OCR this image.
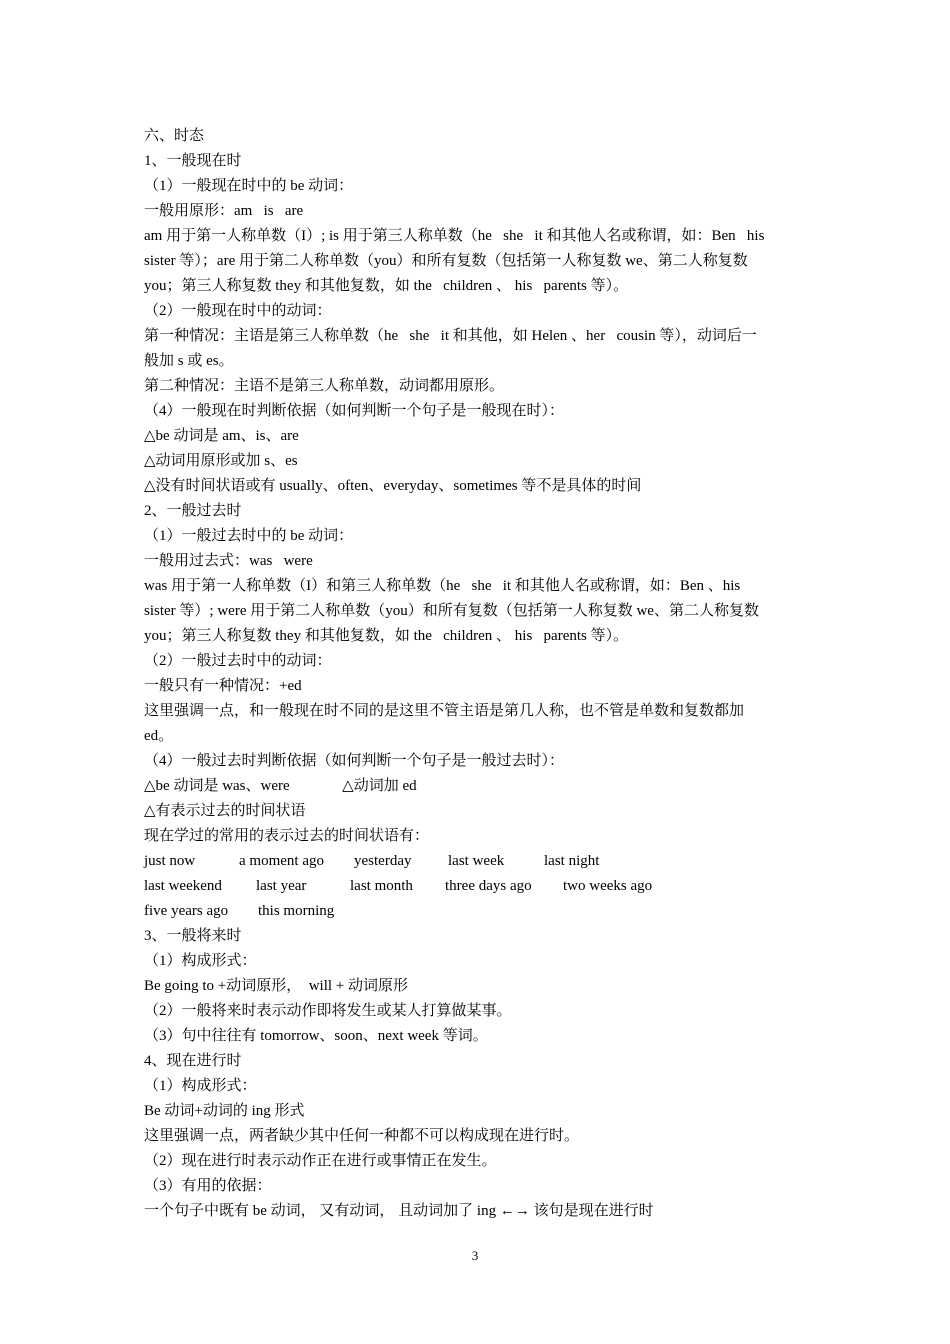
六、时态
1、一般现在时
（1）一般现在时中的 be 动词：
一般用原形：am   is   are
am 用于第一人称单数（I）; is 用于第三人称单数（he   she   it 和其他人名或称谓，如：Ben   his
sister 等）；are 用于第二人称单数（you）和所有复数（包括第一人称复数 we、第二人称复数
you；第三人称复数 they 和其他复数，如 the   children 、 his   parents 等）。
（2）一般现在时中的动词：
第一种情况：主语是第三人称单数（he   she   it 和其他，如 Helen 、her   cousin 等），动词后一
般加 s 或 es。
第二种情况：主语不是第三人称单数，动词都用原形。
（4）一般现在时判断依据（如何判断一个句子是一般现在时）：
△be 动词是 am、is、are
△动词用原形或加 s、es
△没有时间状语或有 usually、often、everyday、sometimes 等不是具体的时间
2、一般过去时
（1）一般过去时中的 be 动词：
一般用过去式：was   were
was 用于第一人称单数（I）和第三人称单数（he   she   it 和其他人名或称谓，如：Ben 、his
sister 等）; were 用于第二人称单数（you）和所有复数（包括第一人称复数 we、第二人称复数
you；第三人称复数 they 和其他复数，如 the   children 、 his   parents 等）。
（2）一般过去时中的动词：
一般只有一种情况：+ed
这里强调一点，和一般现在时不同的是这里不管主语是第几人称，也不管是单数和复数都加
ed。
（4）一般过去时判断依据（如何判断一个句子是一般过去时）：
△be 动词是 was、were              △动词加 ed
△有表示过去的时间状语
现在学过的常用的表示过去的时间状语有：
just now	a moment ago	yesterday	last week	last night
last weekend	last year	last month	three days ago	two weeks ago
five years ago	this morning
3、一般将来时
（1）构成形式：
Be going to +动词原形，  will + 动词原形
（2）一般将来时表示动作即将发生或某人打算做某事。
（3）句中往往有 tomorrow、soon、next week 等词。
4、现在进行时
（1）构成形式：
Be 动词+动词的 ing 形式
这里强调一点，两者缺少其中任何一种都不可以构成现在进行时。
（2）现在进行时表示动作正在进行或事情正在发生。
（3）有用的依据：
一个句子中既有 be 动词， 又有动词， 且动词加了 ing ←→ 该句是现在进行时
3
